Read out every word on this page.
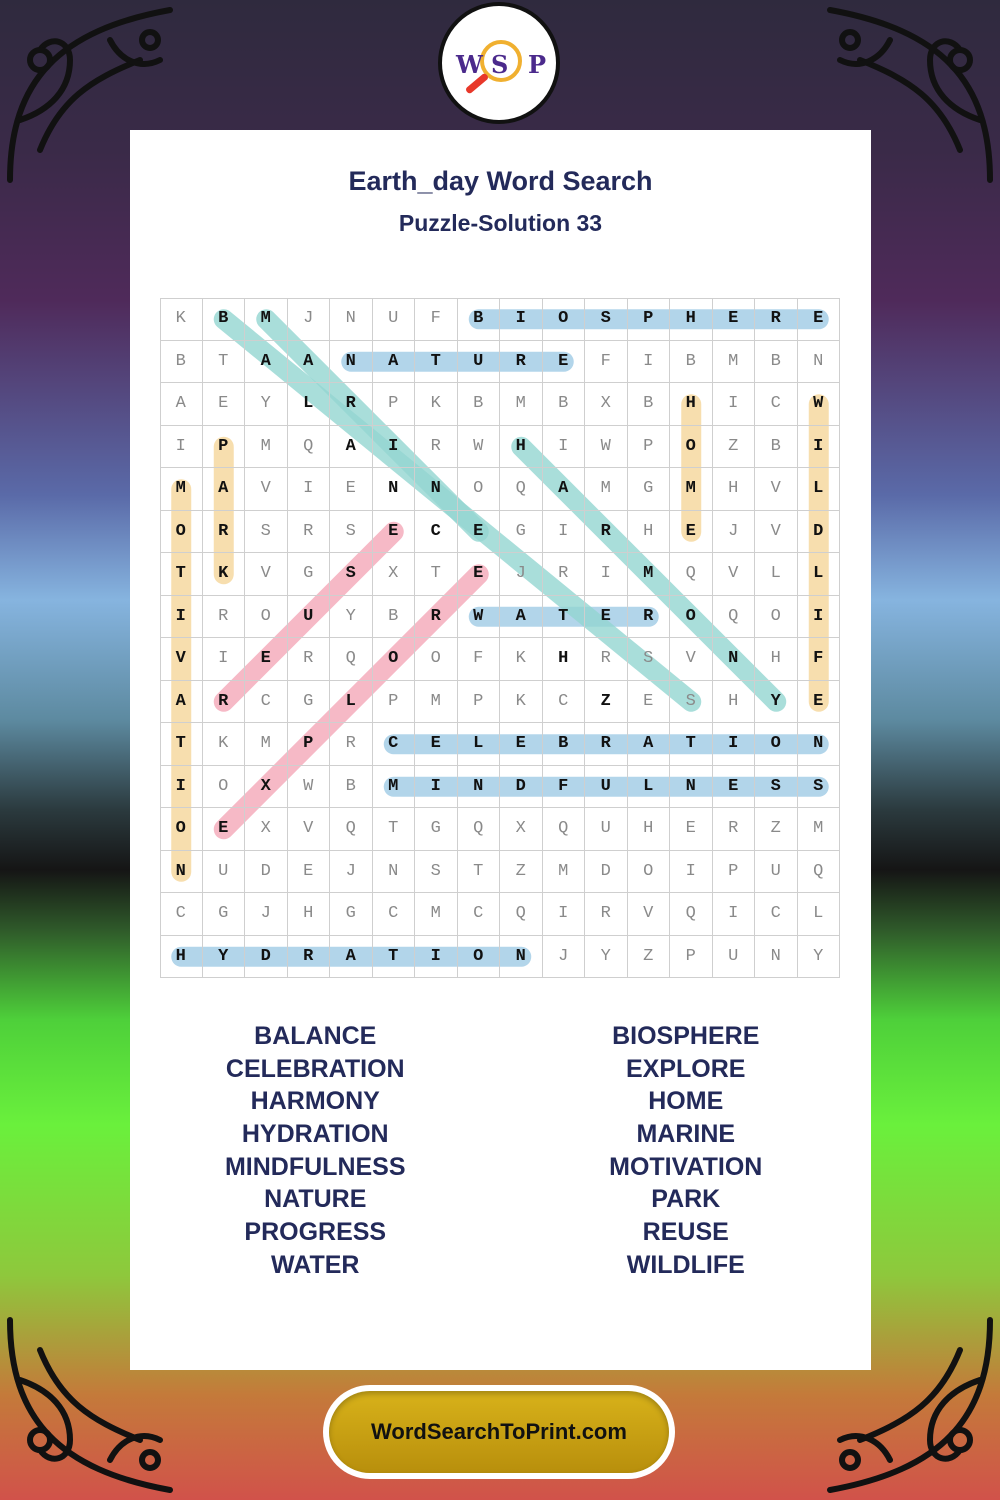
W S P
Earth_day Word Search
Puzzle-Solution 33
K	B	M	J	N	U	F	B	I	O	S	P	H	E	R	E
B	T	A	A	N	A	T	U	R	E	F	I	B	M	B	N
A	E	Y	L	R	P	K	B	M	B	X	B	H	I	C	W
I	P	M	Q	A	I	R	W	H	I	W	P	O	Z	B	I
M	A	V	I	E	N	N	O	Q	A	M	G	M	H	V	L
O	R	S	R	S	E	C	E	G	I	R	H	E	J	V	D
T	K	V	G	S	X	T	E	J	R	I	M	Q	V	L	L
I	R	O	U	Y	B	R	W	A	T	E	R	O	Q	O	I
V	I	E	R	Q	O	O	F	K	H	R	S	V	N	H	F
A	R	C	G	L	P	M	P	K	C	Z	E	S	H	Y	E
T	K	M	P	R	C	E	L	E	B	R	A	T	I	O	N
I	O	X	W	B	M	I	N	D	F	U	L	N	E	S	S
O	E	X	V	Q	T	G	Q	X	Q	U	H	E	R	Z	M
N	U	D	E	J	N	S	T	Z	M	D	O	I	P	U	Q
C	G	J	H	G	C	M	C	Q	I	R	V	Q	I	C	L
H	Y	D	R	A	T	I	O	N	J	Y	Z	P	U	N	Y
BALANCE
CELEBRATION
HARMONY
HYDRATION
MINDFULNESS
NATURE
PROGRESS
WATER
BIOSPHERE
EXPLORE
HOME
MARINE
MOTIVATION
PARK
REUSE
WILDLIFE
WordSearchToPrint.com
